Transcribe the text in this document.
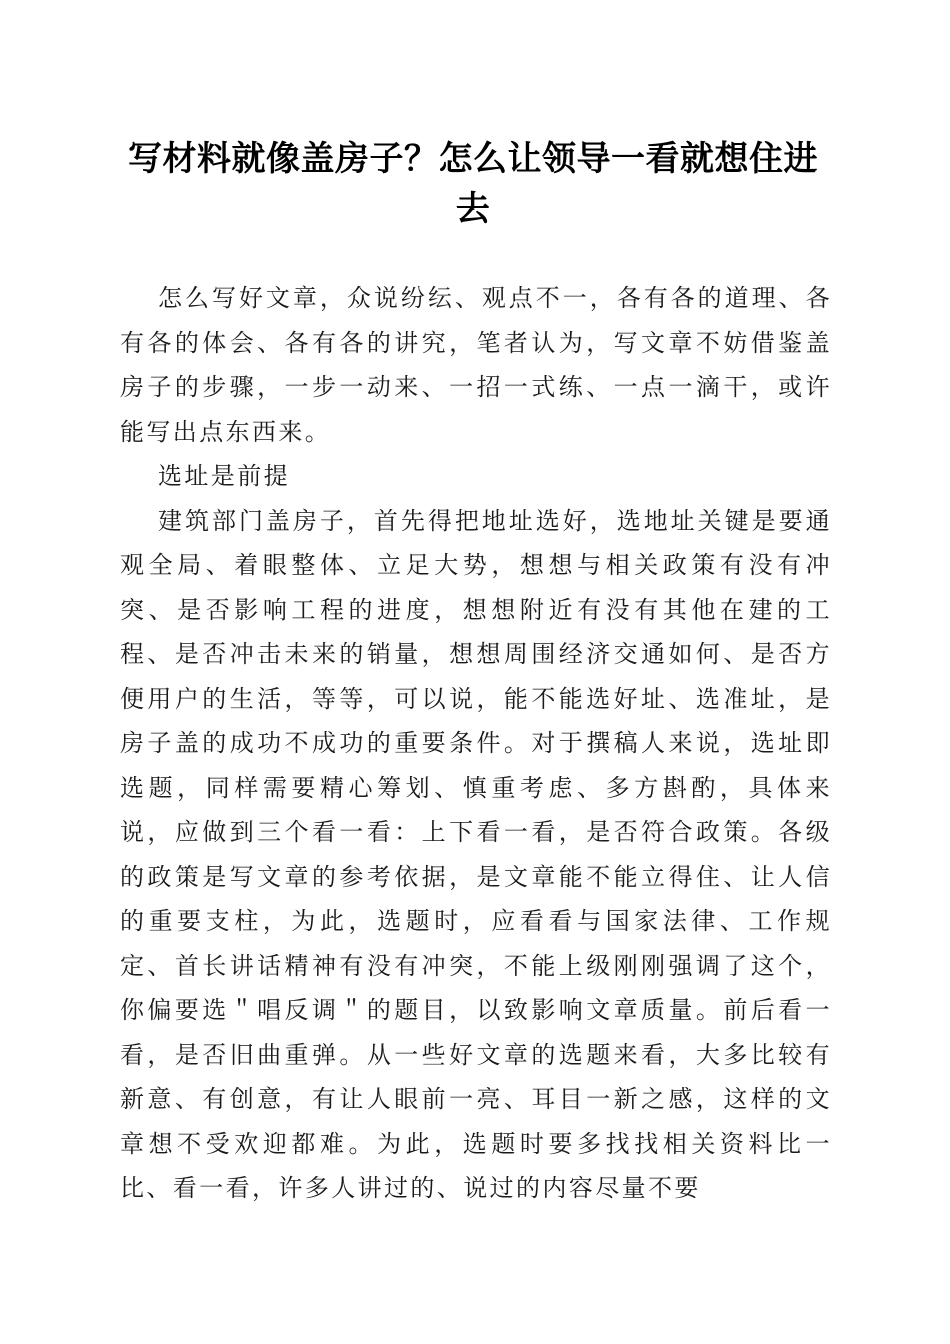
写材料就像盖房子？怎么让领导一看就想住进去

怎么写好文章，众说纷纭、观点不一，各有各的道理、各有各的体会、各有各的讲究，笔者认为，写文章不妨借鉴盖房子的步骤，一步一动来、一招一式练、一点一滴干，或许能写出点东西来。

选址是前提

建筑部门盖房子，首先得把地址选好，选地址关键是要通观全局、着眼整体、立足大势，想想与相关政策有没有冲突、是否影响工程的进度，想想附近有没有其他在建的工程、是否冲击未来的销量，想想周围经济交通如何、是否方便用户的生活，等等，可以说，能不能选好址、选准址，是房子盖的成功不成功的重要条件。对于撰稿人来说，选址即选题，同样需要精心筹划、慎重考虑、多方斟酌，具体来说，应做到三个看一看：上下看一看，是否符合政策。各级的政策是写文章的参考依据，是文章能不能立得住、让人信的重要支柱，为此，选题时，应看看与国家法律、工作规定、首长讲话精神有没有冲突，不能上级刚刚强调了这个，你偏要选＂唱反调＂的题目，以致影响文章质量。前后看一看，是否旧曲重弹。从一些好文章的选题来看，大多比较有新意、有创意，有让人眼前一亮、耳目一新之感，这样的文章想不受欢迎都难。为此，选题时要多找找相关资料比一比、看一看，许多人讲过的、说过的内容尽量不要
